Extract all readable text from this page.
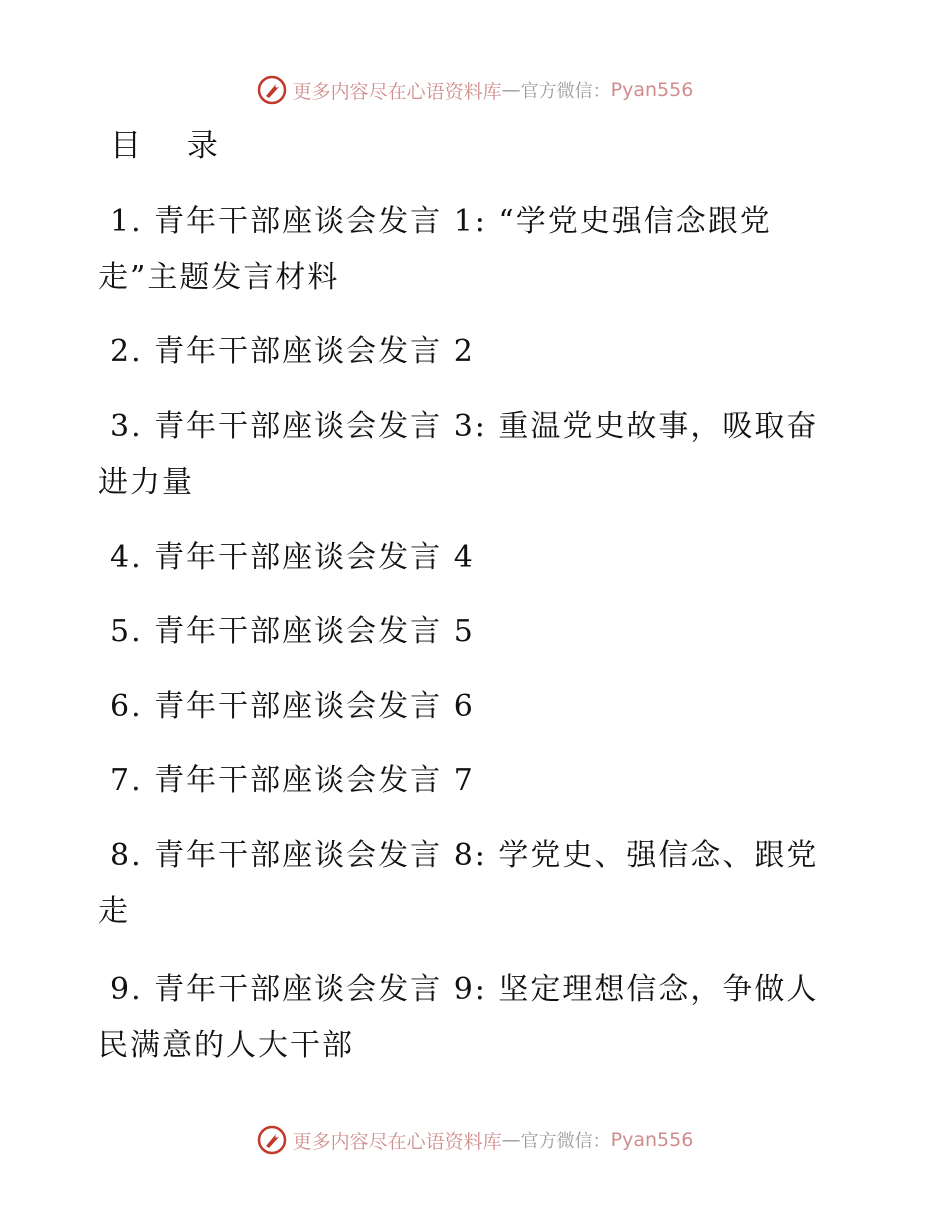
更多内容尽在心语资料库 — 官方微信： Pyan556
目 录
1. 青年干部座谈会发言 1: “学党史强信念跟党走”主题发言材料
2. 青年干部座谈会发言 2
3. 青年干部座谈会发言 3: 重温党史故事，吸取奋进力量
4. 青年干部座谈会发言 4
5. 青年干部座谈会发言 5
6. 青年干部座谈会发言 6
7. 青年干部座谈会发言 7
8. 青年干部座谈会发言 8: 学党史、强信念、跟党走
9. 青年干部座谈会发言 9: 坚定理想信念，争做人民满意的人大干部
更多内容尽在心语资料库 — 官方微信： Pyan556
